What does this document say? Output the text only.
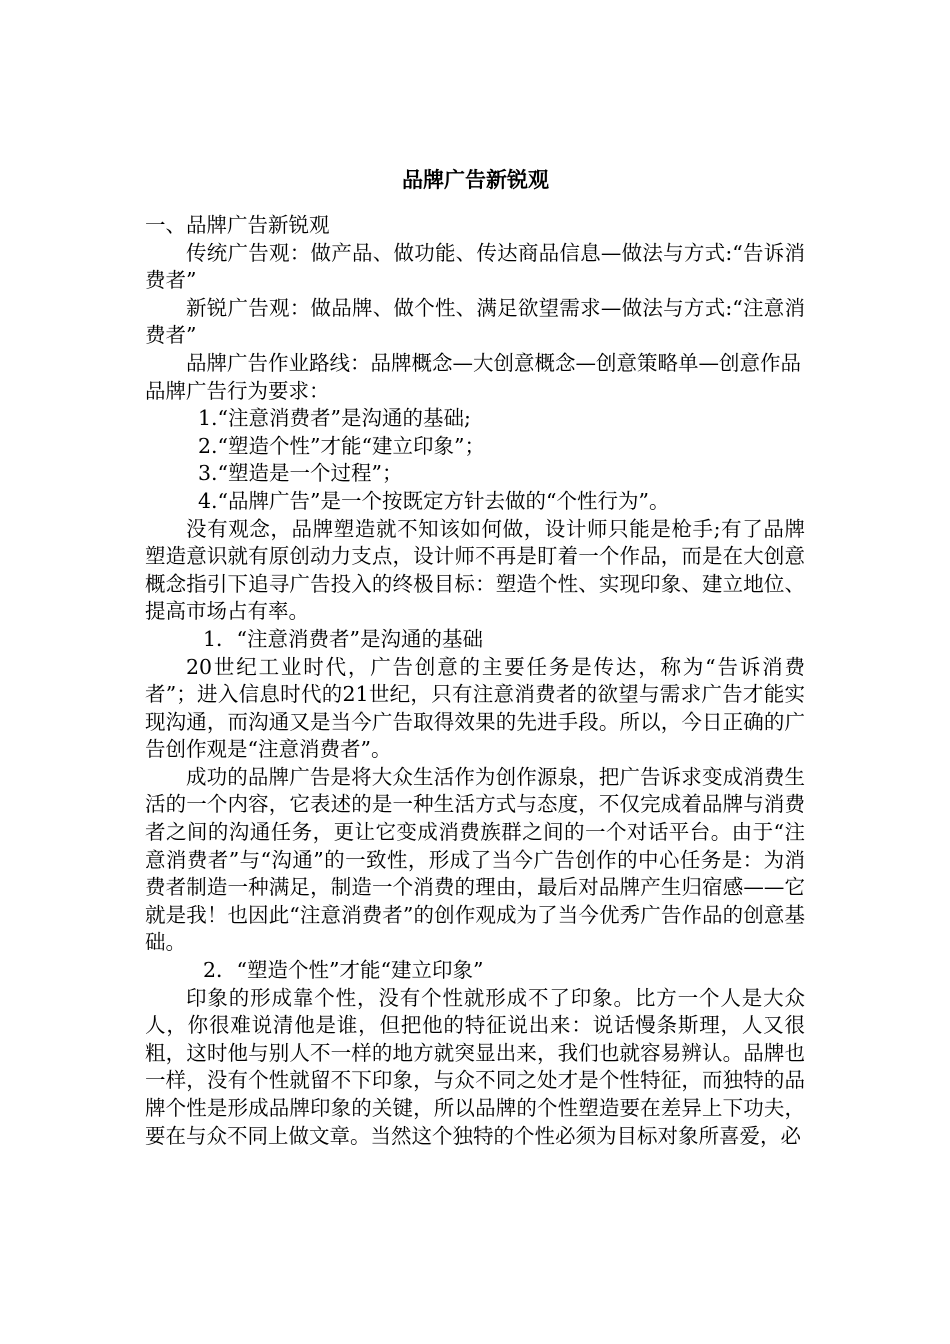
品牌广告新锐观

一、品牌广告新锐观

传统广告观：做产品、做功能、传达商品信息—做法与方式:“告诉消费者”

新锐广告观：做品牌、做个性、满足欲望需求—做法与方式:“注意消费者”

品牌广告作业路线：品牌概念—大创意概念—创意策略单—创意作品

品牌广告行为要求：

1.“注意消费者”是沟通的基础;

2.“塑造个性”才能“建立印象”；

3.“塑造是一个过程”；

4.“品牌广告”是一个按既定方针去做的“个性行为”。

没有观念，品牌塑造就不知该如何做，设计师只能是枪手;有了品牌塑造意识就有原创动力支点，设计师不再是盯着一个作品，而是在大创意概念指引下追寻广告投入的终极目标：塑造个性、实现印象、建立地位、提高市场占有率。

1．“注意消费者”是沟通的基础

20世纪工业时代，广告创意的主要任务是传达，称为“告诉消费者”；进入信息时代的21世纪，只有注意消费者的欲望与需求广告才能实现沟通，而沟通又是当今广告取得效果的先进手段。所以，今日正确的广告创作观是“注意消费者”。

成功的品牌广告是将大众生活作为创作源泉，把广告诉求变成消费生活的一个内容，它表述的是一种生活方式与态度，不仅完成着品牌与消费者之间的沟通任务，更让它变成消费族群之间的一个对话平台。由于“注意消费者”与“沟通”的一致性，形成了当今广告创作的中心任务是：为消费者制造一种满足，制造一个消费的理由，最后对品牌产生归宿感——它就是我！也因此“注意消费者”的创作观成为了当今优秀广告作品的创意基础。

2．“塑造个性”才能“建立印象”

印象的形成靠个性，没有个性就形成不了印象。比方一个人是大众人，你很难说清他是谁，但把他的特征说出来：说话慢条斯理，人又很粗，这时他与别人不一样的地方就突显出来，我们也就容易辨认。品牌也一样，没有个性就留不下印象，与众不同之处才是个性特征，而独特的品牌个性是形成品牌印象的关键，所以品牌的个性塑造要在差异上下功夫，要在与众不同上做文章。当然这个独特的个性必须为目标对象所喜爱，必
